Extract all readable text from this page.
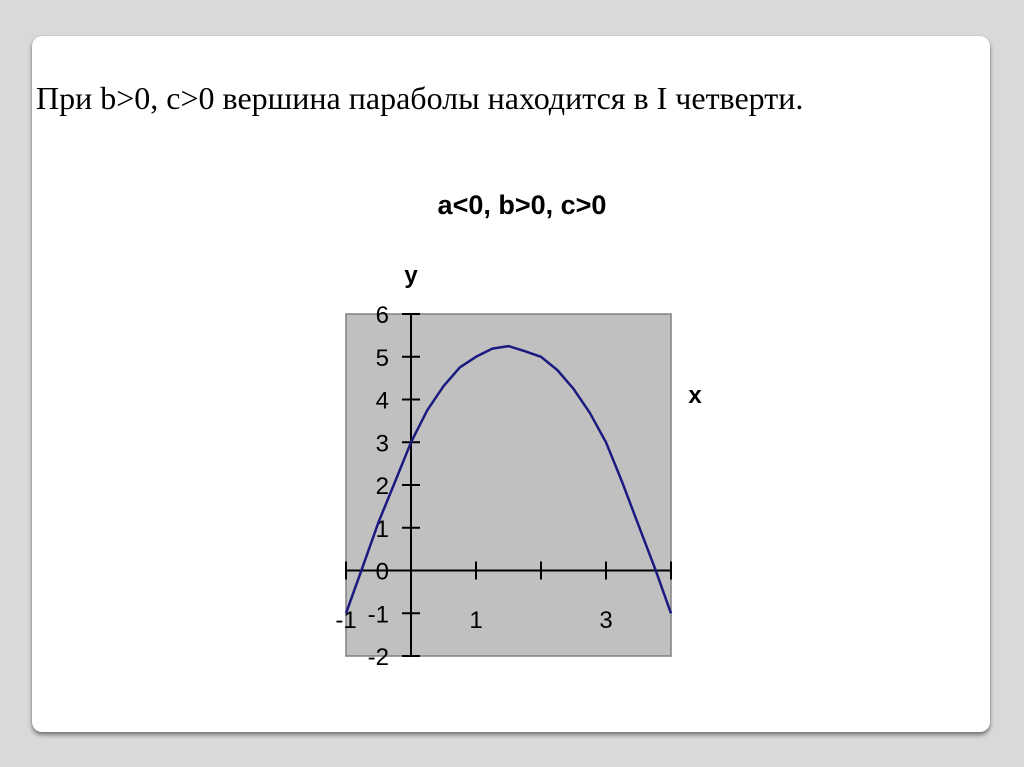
При b>0, c>0 вершина параболы находится в I четверти.
a<0, b>0, c>0
-2
-1
0
1
2
3
4
5
6
-1	1	3
y
x
